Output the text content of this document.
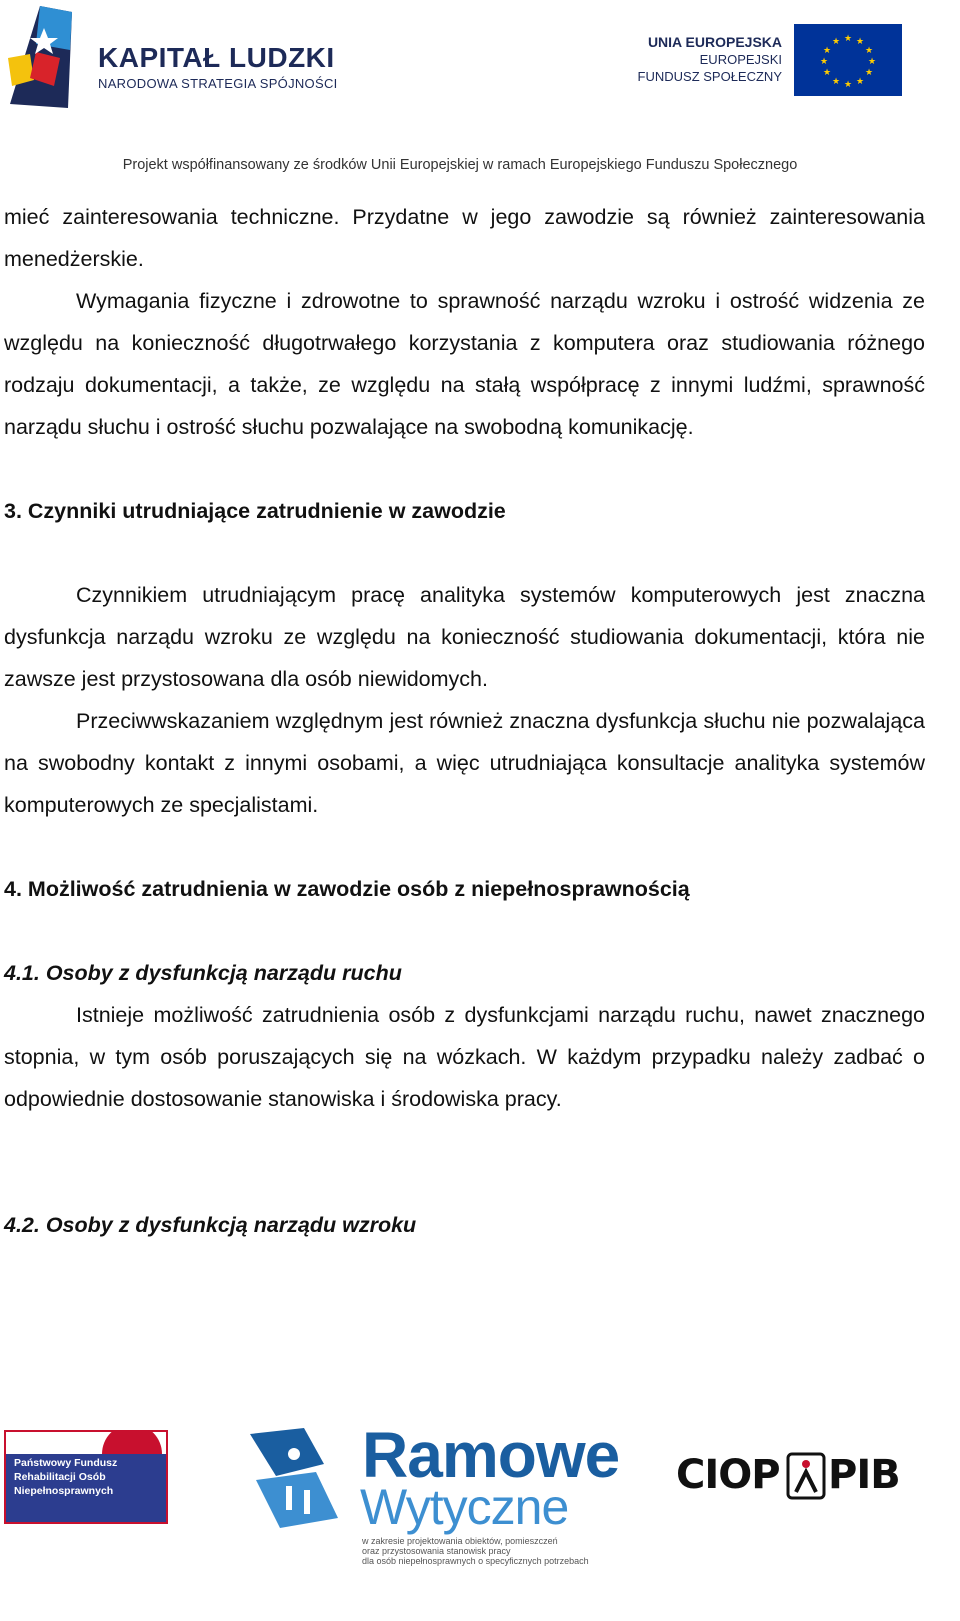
KAPITAŁ LUDZKI
NARODOWA STRATEGIA SPÓJNOŚCI
UNIA EUROPEJSKA
EUROPEJSKI
FUNDUSZ SPOŁECZNY
★ ★
★
★
★
★
★
★
★
★
★
★
Projekt współfinansowany ze środków Unii Europejskiej w ramach Europejskiego Funduszu Społecznego

mieć zainteresowania techniczne. Przydatne w jego zawodzie są również zainteresowania menedżerskie.

Wymagania fizyczne i zdrowotne to sprawność narządu wzroku i ostrość widzenia ze względu na konieczność długotrwałego korzystania z komputera oraz studiowania różnego rodzaju dokumentacji, a także, ze względu na stałą współpracę z innymi ludźmi, sprawność narządu słuchu i ostrość słuchu pozwalające na swobodną komunikację.

3. Czynniki utrudniające zatrudnienie w zawodzie

Czynnikiem utrudniającym pracę analityka systemów komputerowych jest znaczna dysfunkcja narządu wzroku ze względu na konieczność studiowania dokumentacji, która nie zawsze jest przystosowana dla osób niewidomych.

Przeciwwskazaniem względnym jest również znaczna dysfunkcja słuchu nie pozwalająca na swobodny kontakt z innymi osobami, a więc utrudniająca konsultacje analityka systemów komputerowych ze specjalistami.

4. Możliwość zatrudnienia w zawodzie osób z niepełnosprawnością
4.1. Osoby z dysfunkcją narządu ruchu

Istnieje możliwość zatrudnienia osób z dysfunkcjami narządu ruchu, nawet znacznego stopnia, w tym osób poruszających się na wózkach. W każdym przypadku należy zadbać o odpowiednie dostosowanie stanowiska i środowiska pracy.

4.2. Osoby z dysfunkcją narządu wzroku
Państwowy Fundusz
Rehabilitacji Osób
Niepełnosprawnych	Ramowe
Wytyczne
w zakresie projektowania obiektów, pomieszczeń
oraz przystosowania stanowisk pracy
dla osób niepełnosprawnych o specyficznych potrzebach
CIOP PIB
